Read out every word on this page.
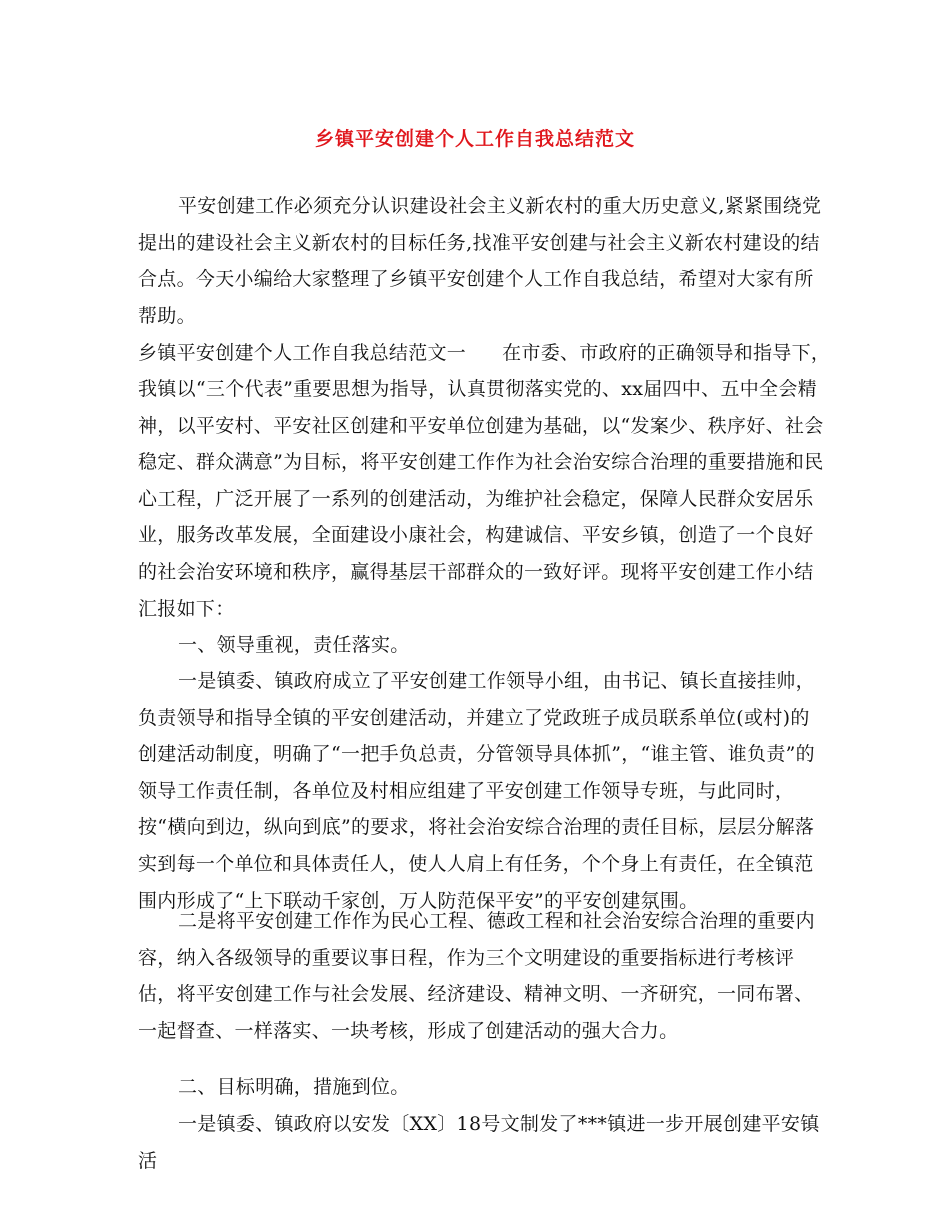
乡镇平安创建个人工作自我总结范文

平安创建工作必须充分认识建设社会主义新农村的重大历史意义,紧紧围绕党提出的建设社会主义新农村的目标任务,找准平安创建与社会主义新农村建设的结合点。今天小编给大家整理了乡镇平安创建个人工作自我总结，希望对大家有所帮助。

乡镇平安创建个人工作自我总结范文一 在市委、市政府的正确领导和指导下，

我镇以“三个代表”重要思想为指导，认真贯彻落实党的、xx届四中、五中全会精神，以平安村、平安社区创建和平安单位创建为基础，以“发案少、秩序好、社会稳定、群众满意”为目标，将平安创建工作作为社会治安综合治理的重要措施和民心工程，广泛开展了一系列的创建活动，为维护社会稳定，保障人民群众安居乐业，服务改革发展，全面建设小康社会，构建诚信、平安乡镇，创造了一个良好的社会治安环境和秩序，赢得基层干部群众的一致好评。现将平安创建工作小结汇报如下：

一、领导重视，责任落实。

一是镇委、镇政府成立了平安创建工作领导小组，由书记、镇长直接挂帅，负责领导和指导全镇的平安创建活动，并建立了党政班子成员联系单位(或村)的创建活动制度，明确了“一把手负总责，分管领导具体抓”，“谁主管、谁负责”的领导工作责任制，各单位及村相应组建了平安创建工作领导专班，与此同时，按“横向到边，纵向到底”的要求，将社会治安综合治理的责任目标，层层分解落实到每一个单位和具体责任人，使人人肩上有任务，个个身上有责任，在全镇范围内形成了“上下联动千家创，万人防范保平安”的平安创建氛围。

二是将平安创建工作作为民心工程、德政工程和社会治安综合治理的重要内容，纳入各级领导的重要议事日程，作为三个文明建设的重要指标进行考核评估，将平安创建工作与社会发展、经济建设、精神文明、一齐研究，一同布署、一起督查、一样落实、一块考核，形成了创建活动的强大合力。

二、目标明确，措施到位。

一是镇委、镇政府以安发〔XX〕18号文制发了***镇进一步开展创建平安镇活
